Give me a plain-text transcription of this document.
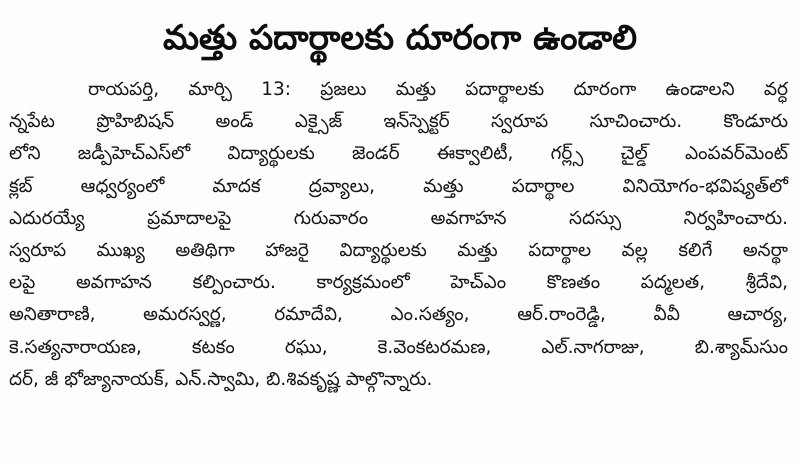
మత్తు పదార్థాలకు దూరంగా ఉండాలి
రాయపర్తి, మార్చి 13: ప్రజలు మత్తు పదార్థాలకు దూరంగా ఉండాలని వర్ధ
న్నపేట ప్రొహిబిషన్ అండ్ ఎక్సైజ్ ఇన్‌స్పెక్టర్ స్వరూప సూచించారు. కొండూరు
లోని జడ్పీహెచ్‌ఎస్‌లో విద్యార్థులకు జెండర్ ఈక్వాలిటీ, గర్ల్స్ చైల్డ్ ఎంపవర్‌మెంట్
క్లబ్ ఆధ్వర్యంలో మాదక ద్రవ్యాలు, మత్తు పదార్థాల వినియోగం-భవిష్యత్‌లో
ఎదురయ్యే ప్రమాదాలపై గురువారం అవగాహన సదస్సు నిర్వహించారు.
స్వరూప ముఖ్య అతిథిగా హాజరై విద్యార్థులకు మత్తు పదార్థాల వల్ల కలిగే అనర్థా
లపై అవగాహన కల్పించారు. కార్యక్రమంలో హెచ్‌ఎం కొణతం పద్మలత, శ్రీదేవి,
అనితారాణి, అమరస్వర్ణ, రమాదేవి, ఎం.సత్యం, ఆర్.రాంరెడ్డి, వీవీ ఆచార్య,
కె.సత్యనారాయణ, కటకం రఘు, కె.వెంకటరమణ, ఎల్.నాగరాజు, బి.శ్యామ్‌సుం
దర్, జీ భోజ్యానాయక్, ఎన్.స్వామి, బి.శివకృష్ణ పాల్గొన్నారు.
